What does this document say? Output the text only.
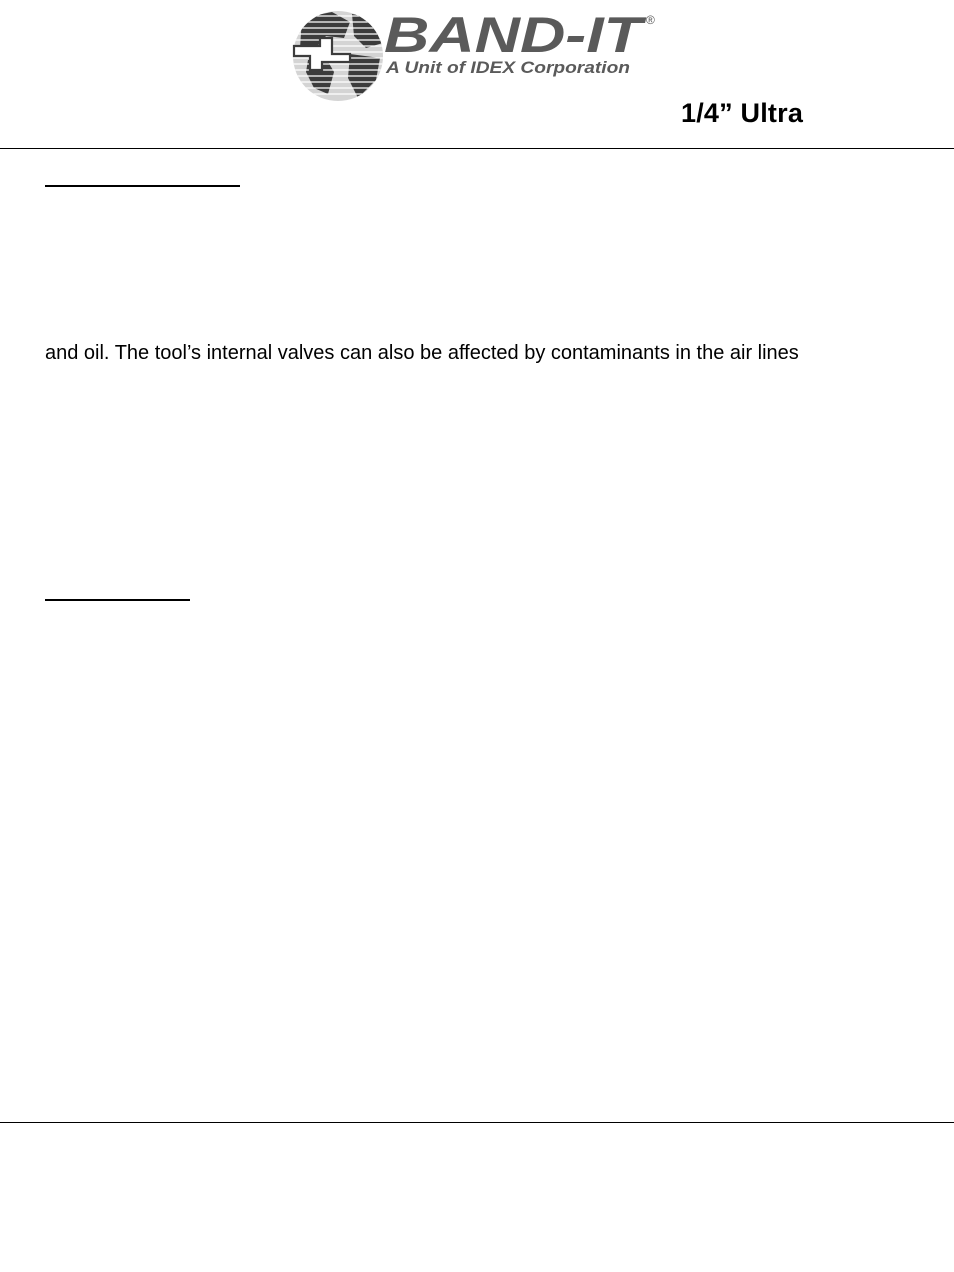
BAND-IT
®
A Unit of IDEX Corporation
1/4” Ultra
and oil. The tool’s internal valves can also be affected by contaminants in the air lines
